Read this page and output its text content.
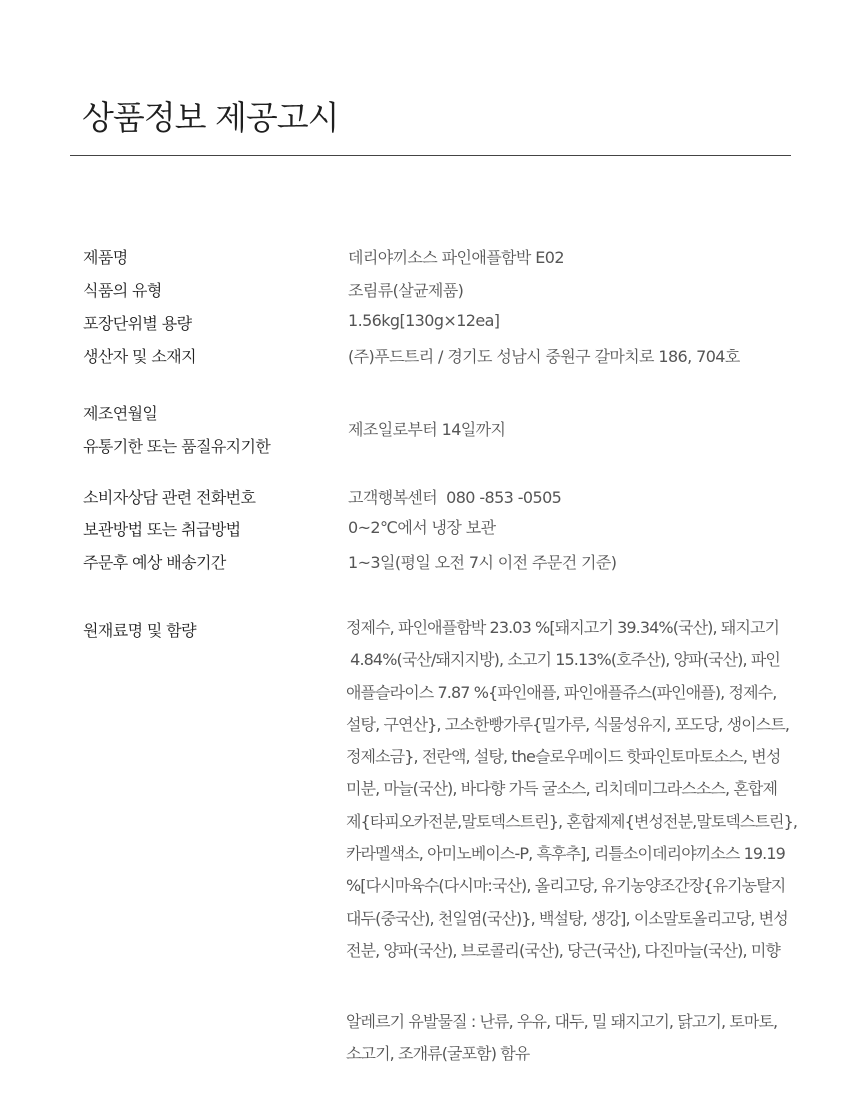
상품정보 제공고시
제품명	데리야끼소스 파인애플함박 E02
식품의 유형	조림류(살균제품)
포장단위별 용량	1.56kg[130g×12ea]
생산자 및 소재지	(주)푸드트리 / 경기도 성남시 중원구 갈마치로 186, 704호
제조연월일
유통기한 또는 품질유지기한
제조일로부터 14일까지
소비자상담 관련 전화번호	고객행복센터  080 -853 -0505
보관방법 또는 취급방법	0~2℃에서 냉장 보관
주문후 예상 배송기간	1~3일(평일 오전 7시 이전 주문건 기준)
원재료명 및 함량	정제수, 파인애플함박 23.03 %[돼지고기 39.34%(국산), 돼지고기
4.84%(국산/돼지지방), 소고기 15.13%(호주산), 양파(국산), 파인
애플슬라이스 7.87 %{파인애플, 파인애플쥬스(파인애플), 정제수,
설탕, 구연산}, 고소한빵가루{밀가루, 식물성유지, 포도당, 생이스트,
정제소금}, 전란액, 설탕, the슬로우메이드 핫파인토마토소스, 변성
미분, 마늘(국산), 바다향 가득 굴소스, 리치데미그라스소스, 혼합제
제{타피오카전분,말토덱스트린}, 혼합제제{변성전분,말토덱스트린},
카라멜색소, 아미노베이스-P, 흑후추], 리틀소이데리야끼소스 19.19
%[다시마육수(다시마:국산), 올리고당, 유기농양조간장{유기농탈지
대두(중국산), 천일염(국산)}, 백설탕, 생강], 이소말토올리고당, 변성
전분, 양파(국산), 브로콜리(국산), 당근(국산), 다진마늘(국산), 미향
알레르기 유발물질 : 난류, 우유, 대두, 밀 돼지고기, 닭고기, 토마토,
소고기, 조개류(굴포함) 함유
